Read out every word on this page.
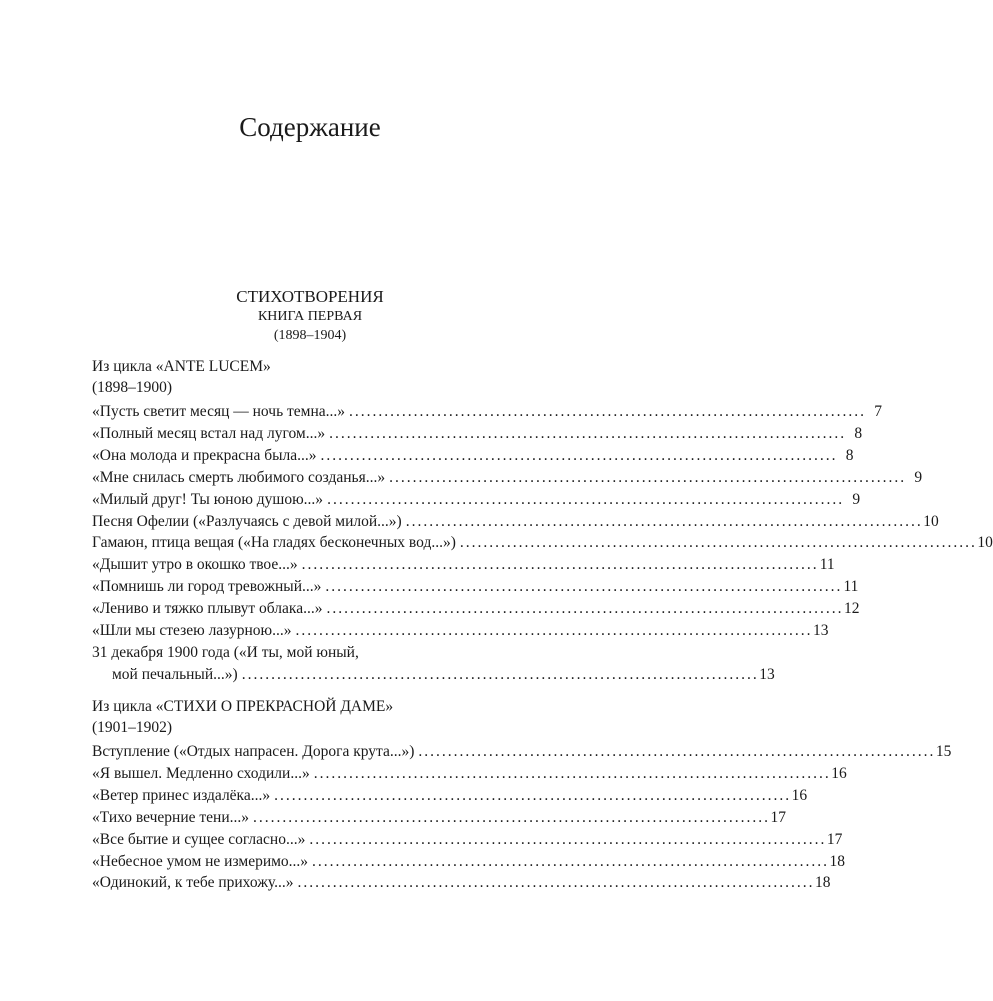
Содержание
СТИХОТВОРЕНИЯ
КНИГА ПЕРВАЯ
(1898–1904)
Из цикла «ANTE LUCEM»
(1898–1900)
«Пусть светит месяц — ночь темна...» ........................................................................................ 7
«Полный месяц встал над лугом...» ........................................................................................ 8
«Она молода и прекрасна была...» ........................................................................................ 8
«Мне снилась смерть любимого созданья...» ........................................................................................ 9
«Милый друг! Ты юною душою...» ........................................................................................ 9
Песня Офелии («Разлучаясь с девой милой...») ........................................................................................ 10
Гамаюн, птица вещая («На гладях бесконечных вод...») ........................................................................................ 10
«Дышит утро в окошко твое...» ........................................................................................ 11
«Помнишь ли город тревожный...» ........................................................................................ 11
«Лениво и тяжко плывут облака...» ........................................................................................ 12
«Шли мы стезею лазурною...» ........................................................................................ 13
31 декабря 1900 года («И ты, мой юный,
мой печальный...») ........................................................................................ 13
Из цикла «СТИХИ О ПРЕКРАСНОЙ ДАМЕ»
(1901–1902)
Вступление («Отдых напрасен. Дорога крута...») ........................................................................................ 15
«Я вышел. Медленно сходили...» ........................................................................................ 16
«Ветер принес издалёка...» ........................................................................................ 16
«Тихо вечерние тени...» ........................................................................................ 17
«Все бытие и сущее согласно...» ........................................................................................ 17
«Небесное умом не измеримо...» ........................................................................................ 18
«Одинокий, к тебе прихожу...» ........................................................................................ 18
